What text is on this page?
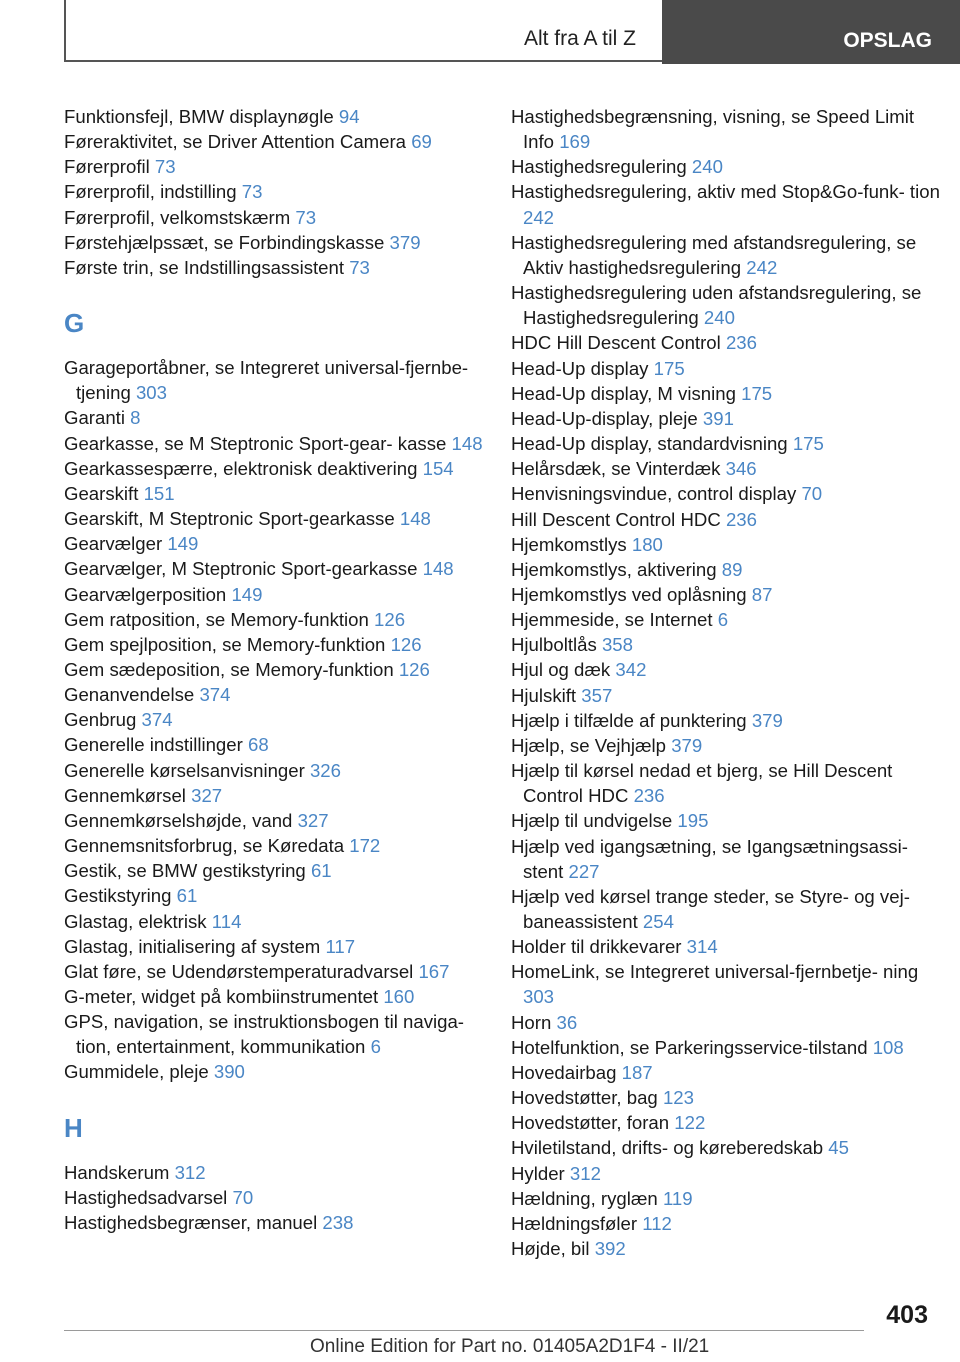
Alt fra A til Z	OPSLAG
Funktionsfejl, BMW displaynøgle 94
Føreraktivitet, se Driver Attention Camera 69
Førerprofil 73
Førerprofil, indstilling 73
Førerprofil, velkomstskærm 73
Førstehjælpssæt, se Forbindingskasse 379
Første trin, se Indstillingsassistent 73
G
Garageportåbner, se Integreret universal-fjernbe‐ tjening 303
Garanti 8
Gearkasse, se M Steptronic Sport-gear‐ kasse 148
Gearkassespærre, elektronisk deaktivering 154
Gearskift 151
Gearskift, M Steptronic Sport-gearkasse 148
Gearvælger 149
Gearvælger, M Steptronic Sport-gearkasse 148
Gearvælgerposition 149
Gem ratposition, se Memory-funktion 126
Gem spejlposition, se Memory-funktion 126
Gem sædeposition, se Memory-funktion 126
Genanvendelse 374
Genbrug 374
Generelle indstillinger 68
Generelle kørselsanvisninger 326
Gennemkørsel 327
Gennemkørselshøjde, vand 327
Gennemsnitsforbrug, se Køredata 172
Gestik, se BMW gestikstyring 61
Gestikstyring 61
Glastag, elektrisk 114
Glastag, initialisering af system 117
Glat føre, se Udendørstemperaturadvarsel 167
G-meter, widget på kombiinstrumentet 160
GPS, navigation, se instruktionsbogen til naviga‐ tion, entertainment, kommunikation 6
Gummidele, pleje 390
H
Handskerum 312
Hastighedsadvarsel 70
Hastighedsbegrænser, manuel 238
Hastighedsbegrænsning, visning, se Speed Limit Info 169
Hastighedsregulering 240
Hastighedsregulering, aktiv med Stop&Go-funk‐ tion 242
Hastighedsregulering med afstandsregulering, se Aktiv hastighedsregulering 242
Hastighedsregulering uden afstandsregulering, se Hastighedsregulering 240
HDC Hill Descent Control 236
Head-Up display 175
Head-Up display, M visning 175
Head-Up-display, pleje 391
Head-Up display, standardvisning 175
Helårsdæk, se Vinterdæk 346
Henvisningsvindue, control display 70
Hill Descent Control HDC 236
Hjemkomstlys 180
Hjemkomstlys, aktivering 89
Hjemkomstlys ved oplåsning 87
Hjemmeside, se Internet 6
Hjulboltlås 358
Hjul og dæk 342
Hjulskift 357
Hjælp i tilfælde af punktering 379
Hjælp, se Vejhjælp 379
Hjælp til kørsel nedad et bjerg, se Hill Descent Control HDC 236
Hjælp til undvigelse 195
Hjælp ved igangsætning, se Igangsætningsassi‐ stent 227
Hjælp ved kørsel trange steder, se Styre- og vej‐ baneassistent 254
Holder til drikkevarer 314
HomeLink, se Integreret universal-fjernbetje‐ ning 303
Horn 36
Hotelfunktion, se Parkeringsservice-tilstand 108
Hovedairbag 187
Hovedstøtter, bag 123
Hovedstøtter, foran 122
Hviletilstand, drifts- og køreberedskab 45
Hylder 312
Hældning, ryglæn 119
Hældningsføler 112
Højde, bil 392
403
Online Edition for Part no. 01405A2D1F4 - II/21
